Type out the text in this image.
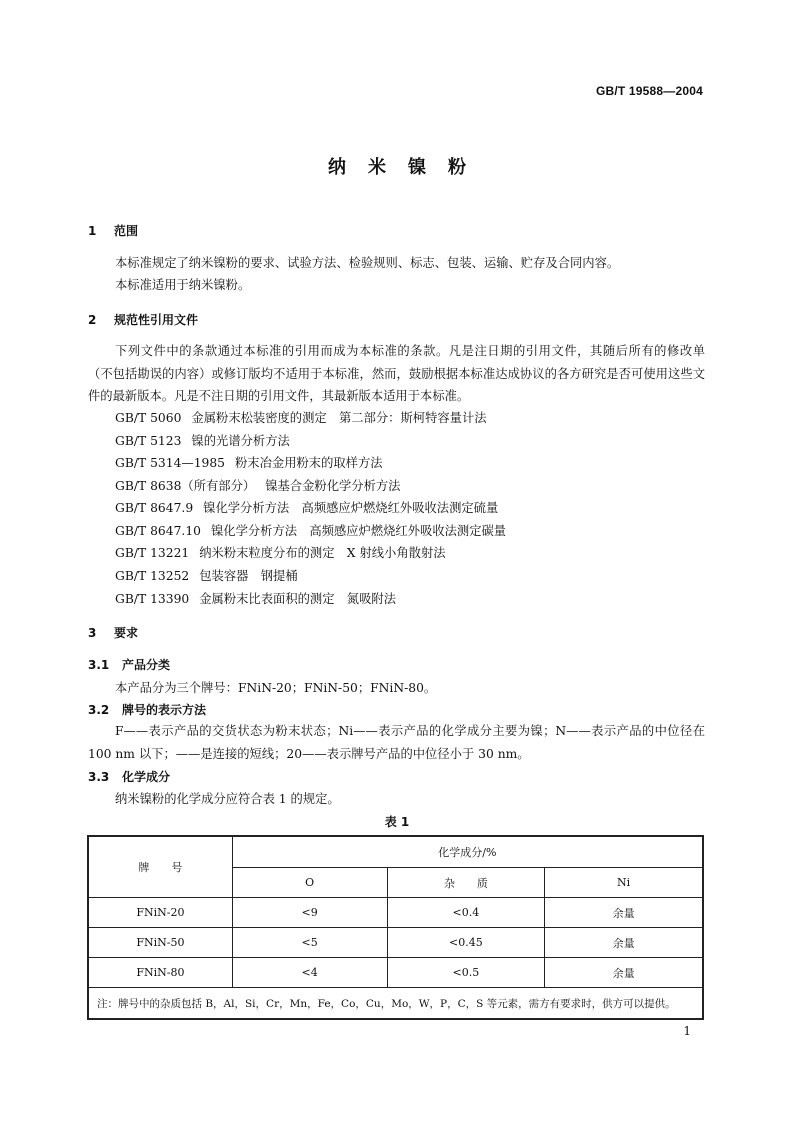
GB/T 19588—2004
纳米镍粉
1 范围
本标准规定了纳米镍粉的要求、试验方法、检验规则、标志、包装、运输、贮存及合同内容。
本标准适用于纳米镍粉。
2 规范性引用文件
下列文件中的条款通过本标准的引用而成为本标准的条款。凡是注日期的引用文件，其随后所有的修改单（不包括勘误的内容）或修订版均不适用于本标准，然而，鼓励根据本标准达成协议的各方研究是否可使用这些文件的最新版本。凡是不注日期的引用文件，其最新版本适用于本标准。
GB/T 5060 金属粉末松装密度的测定　第二部分：斯柯特容量计法
GB/T 5123 镍的光谱分析方法
GB/T 5314—1985 粉末冶金用粉末的取样方法
GB/T 8638（所有部分） 镍基合金粉化学分析方法
GB/T 8647.9 镍化学分析方法　高频感应炉燃烧红外吸收法测定硫量
GB/T 8647.10 镍化学分析方法　高频感应炉燃烧红外吸收法测定碳量
GB/T 13221 纳米粉末粒度分布的测定　X 射线小角散射法
GB/T 13252 包装容器　钢提桶
GB/T 13390 金属粉末比表面积的测定　氮吸附法
3 要求
3.1 产品分类
本产品分为三个牌号：FNiN-20；FNiN-50；FNiN-80。
3.2 牌号的表示方法
F——表示产品的交货状态为粉末状态；Ni——表示产品的化学成分主要为镍；N——表示产品的中位径在 100 nm 以下；——是连接的短线；20——表示牌号产品的中位径小于 30 nm。
3.3 化学成分
纳米镍粉的化学成分应符合表 1 的规定。
表 1
牌　　号	化学成分/%		
	O	杂　　质	Ni
FNiN-20	<9	<0.4	余量
FNiN-50	<5	<0.45	余量
FNiN-80	<4	<0.5	余量
注：牌号中的杂质包括 B，Al，Si，Cr，Mn，Fe，Co，Cu，Mo，W，P，C，S 等元素，需方有要求时，供方可以提供。			
1
